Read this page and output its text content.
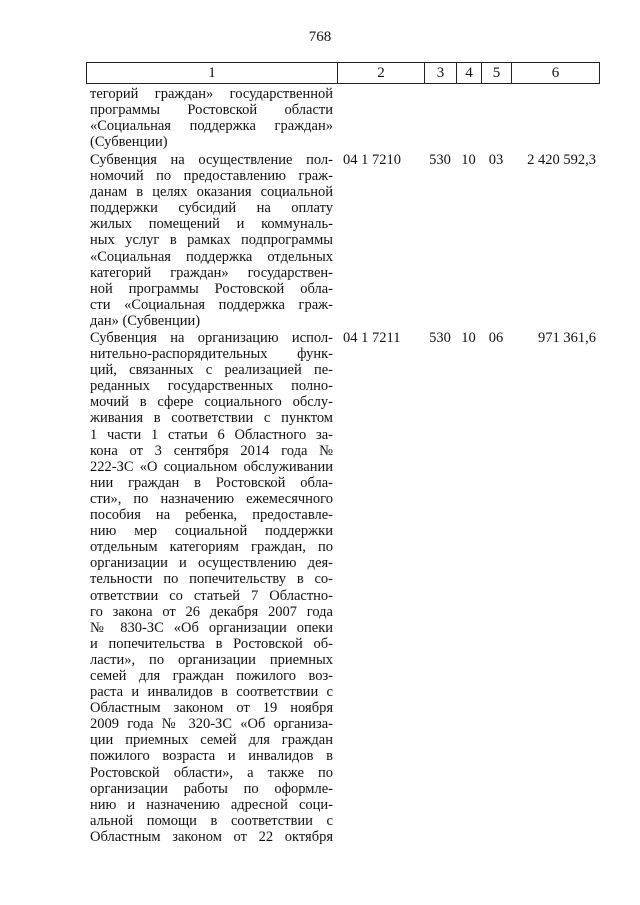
768
1	2	3	4	5	6
тегорий граждан» государственной
программы Ростовской области
«Социальная поддержка граждан»
(Субвенции)
Субвенция на осуществление пол-
номочий по предоставлению граж-
данам в целях оказания социальной
поддержки субсидий на оплату
жилых помещений и коммуналь-
ных услуг в рамках подпрограммы
«Социальная поддержка отдельных
категорий граждан» государствен-
ной программы Ростовской обла-
сти «Социальная поддержка граж-
дан» (Субвенции)
04 1 7210	530 10 03	2 420 592,3
Субвенция на организацию испол-
нительно-распорядительных функ-
ций, связанных с реализацией пе-
реданных государственных полно-
мочий в сфере социального обслу-
живания в соответствии с пунктом
1 части 1 статьи 6 Областного за-
кона от 3 сентября 2014 года №
222-ЗС «О социальном обслуживании
нии граждан в Ростовской обла-
сти», по назначению ежемесячного
пособия на ребенка, предоставле-
нию мер социальной поддержки
отдельным категориям граждан, по
организации и осуществлению дея-
тельности по попечительству в со-
ответствии со статьей 7 Областно-
го закона от 26 декабря 2007 года
№ 830-ЗС «Об организации опеки
и попечительства в Ростовской об-
ласти», по организации приемных
семей для граждан пожилого воз-
раста и инвалидов в соответствии с
Областным законом от 19 ноября
2009 года № 320-ЗС «Об организа-
ции приемных семей для граждан
пожилого возраста и инвалидов в
Ростовской области», а также по
организации работы по оформле-
нию и назначению адресной соци-
альной помощи в соответствии с
Областным законом от 22 октября
04 1 7211	530 10 06	971 361,6
